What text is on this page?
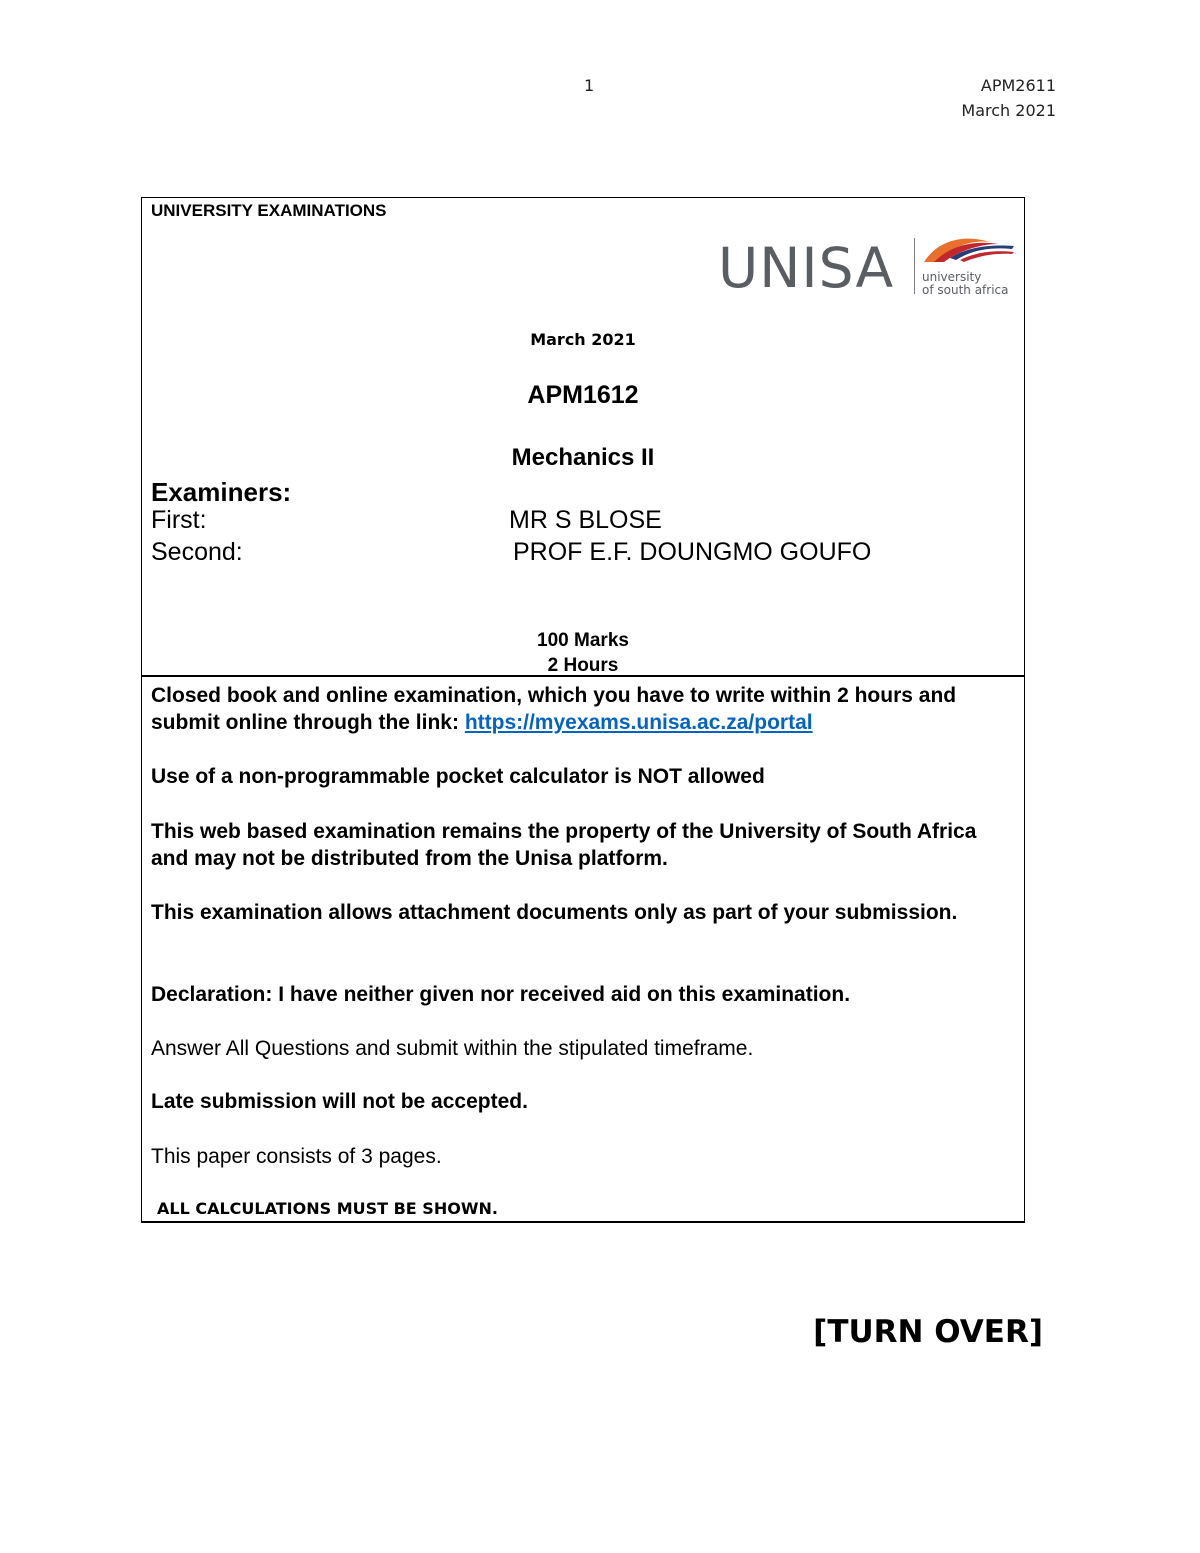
1	APM2611
March 2021
UNIVERSITY EXAMINATIONS
UNISA university
of south africa
March 2021
APM1612
Mechanics II
Examiners:
First:	MR S BLOSE
Second:	PROF E.F. DOUNGMO GOUFO
100 Marks
2 Hours
Closed book and online examination, which you have to write within 2 hours and submit online through the link: https://myexams.unisa.ac.za/portal
Use of a non-programmable pocket calculator is NOT allowed
This web based examination remains the property of the University of South Africa and may not be distributed from the Unisa platform.
This examination allows attachment documents only as part of your submission.
Declaration: I have neither given nor received aid on this examination.
Answer All Questions and submit within the stipulated timeframe.
Late submission will not be accepted.
This paper consists of 3 pages.
ALL CALCULATIONS MUST BE SHOWN.
[TURN OVER]
